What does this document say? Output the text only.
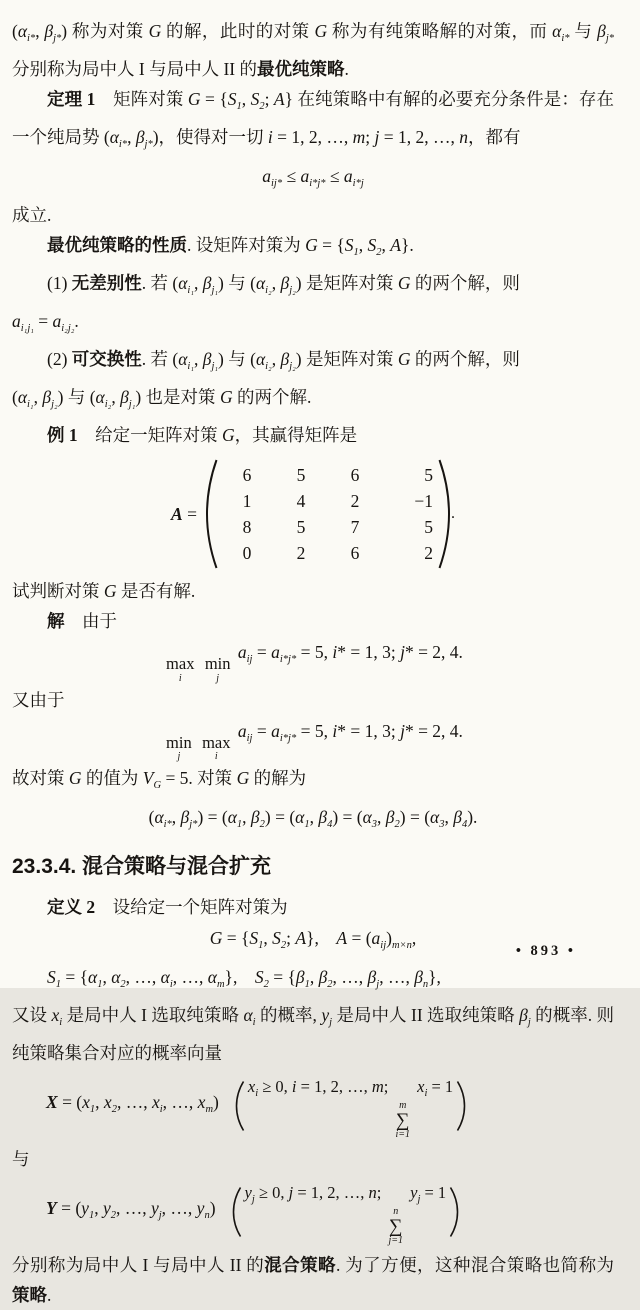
($\alpha_{i*}$, $\beta_{j*}$) 称为对策 G 的解，此时的对策 G 称为有纯策略解的对策，而 $\alpha_{i*}$ 与 $\beta_{j*}$ 分别称为局中人 I 与局中人 II 的最优纯策略.

定理 1　矩阵对策 $G = \{S_1$, $S_2$; A} 在纯策略中有解的必要充分条件是：存在一个纯局势 ($\alpha_{i*}$, $\beta_{j*}$)，使得对一切 i = 1, 2, …, m; j = 1, 2, …, n，都有

$a_{ij*} \le a_{i*j*} \le a_{i*j}$

成立.

最优纯策略的性质. 设矩阵对策为 $G = \{S_1$, $S_2$, A}.

(1) 无差别性. 若 ($\alpha_{i_1}$, $\beta_{j_1}$) 与 ($\alpha_{i_2}$, $\beta_{j_2}$) 是矩阵对策 G 的两个解，则

$a_{i_1j_1} = a_{i_2j_2}$.

(2) 可交换性. 若 ($\alpha_{i_1}$, $\beta_{j_1}$) 与 ($\alpha_{i_2}$, $\beta_{j_2}$) 是矩阵对策 G 的两个解，则

($\alpha_{i_1}$, $\beta_{j_2}$) 与 ($\alpha_{i_2}$, $\beta_{j_1}$) 也是对策 G 的两个解.

例 1　给定一矩阵对策 G，其赢得矩阵是

A =
6	5	6	5
1	4	2	−1
8	5	7	5
0	2	6	2
.

试判断对策 G 是否有解.

解　由于

max
i

min
j
$a_{ij} = a_{i*j*} = 5$, i* = 1, 3; j* = 2, 4.

又由于

min
j

max
i
$a_{ij} = a_{i*j*} = 5$, i* = 1, 3; j* = 2, 4.

故对策 G 的值为 $V_G = 5$. 对策 G 的解为

($\alpha_{i*}$, $\beta_{j*}) = (\alpha_1$, $\beta_2) = (\alpha_1$, $\beta_4) = (\alpha_3$, $\beta_2) = (\alpha_3$, $\beta_4$).
23.3.4. 混合策略与混合扩充

定义 2　设给定一个矩阵对策为

$G = \{S_1$, $S_2$; A},　$A = (a_{ij})_{m\times n}$,

$S_1 = \{\alpha_1$, $\alpha_2$, …, $\alpha_i$, …, $\alpha_m$},　$S_2 = \{\beta_1$, $\beta_2$, …, $\beta_j$, …, $\beta_n$},

又设 $x_i$ 是局中人 I 选取纯策略 $\alpha_i$ 的概率, $y_j$ 是局中人 II 选取纯策略 $\beta_j$ 的概率. 则纯策略集合对应的概率向量

$X = (x_1$, $x_2$, …, $x_i$, …, $x_m$)
$x_i \ge 0$, i = 1, 2, …, m;
m
∑
i=1
$x_i = 1$

与

$Y = (y_1$, $y_2$, …, $y_j$, …, $y_n$)
$y_j \ge 0$, j = 1, 2, …, n;
n
∑
j=1
$y_j = 1$

分别称为局中人 I 与局中人 II 的混合策略. 为了方便，这种混合策略也简称为策略.

• 893 •
